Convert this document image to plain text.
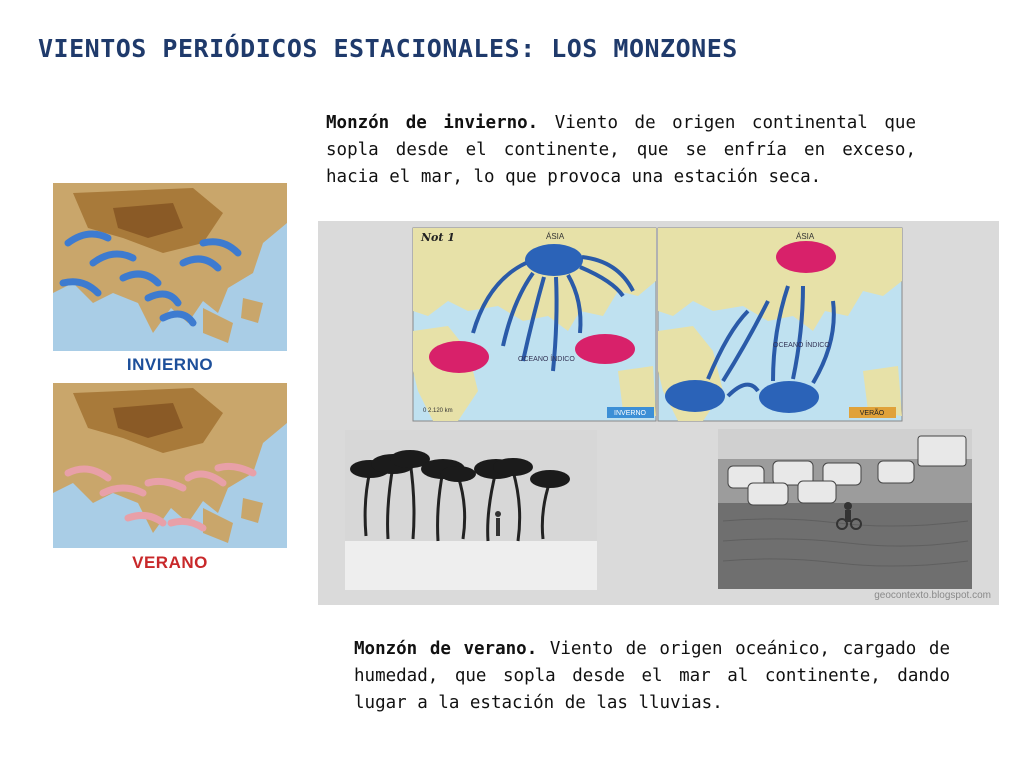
VIENTOS PERIÓDICOS ESTACIONALES: LOS MONZONES
Monzón de invierno. Viento de origen continental que sopla desde el continente, que se enfría en exceso, hacia el mar, lo que provoca una estación seca.
INVIERNO
VERANO
Not 1	ÁSIA
OCEANO ÍNDICO
0 2.120 km	INVERNO
ÁSIA
OCEANO ÍNDICO
VERÃO
geocontexto.blogspot.com
Monzón de verano. Viento de origen oceánico, cargado de humedad, que sopla desde el mar al continente, dando lugar a la estación de las lluvias.
